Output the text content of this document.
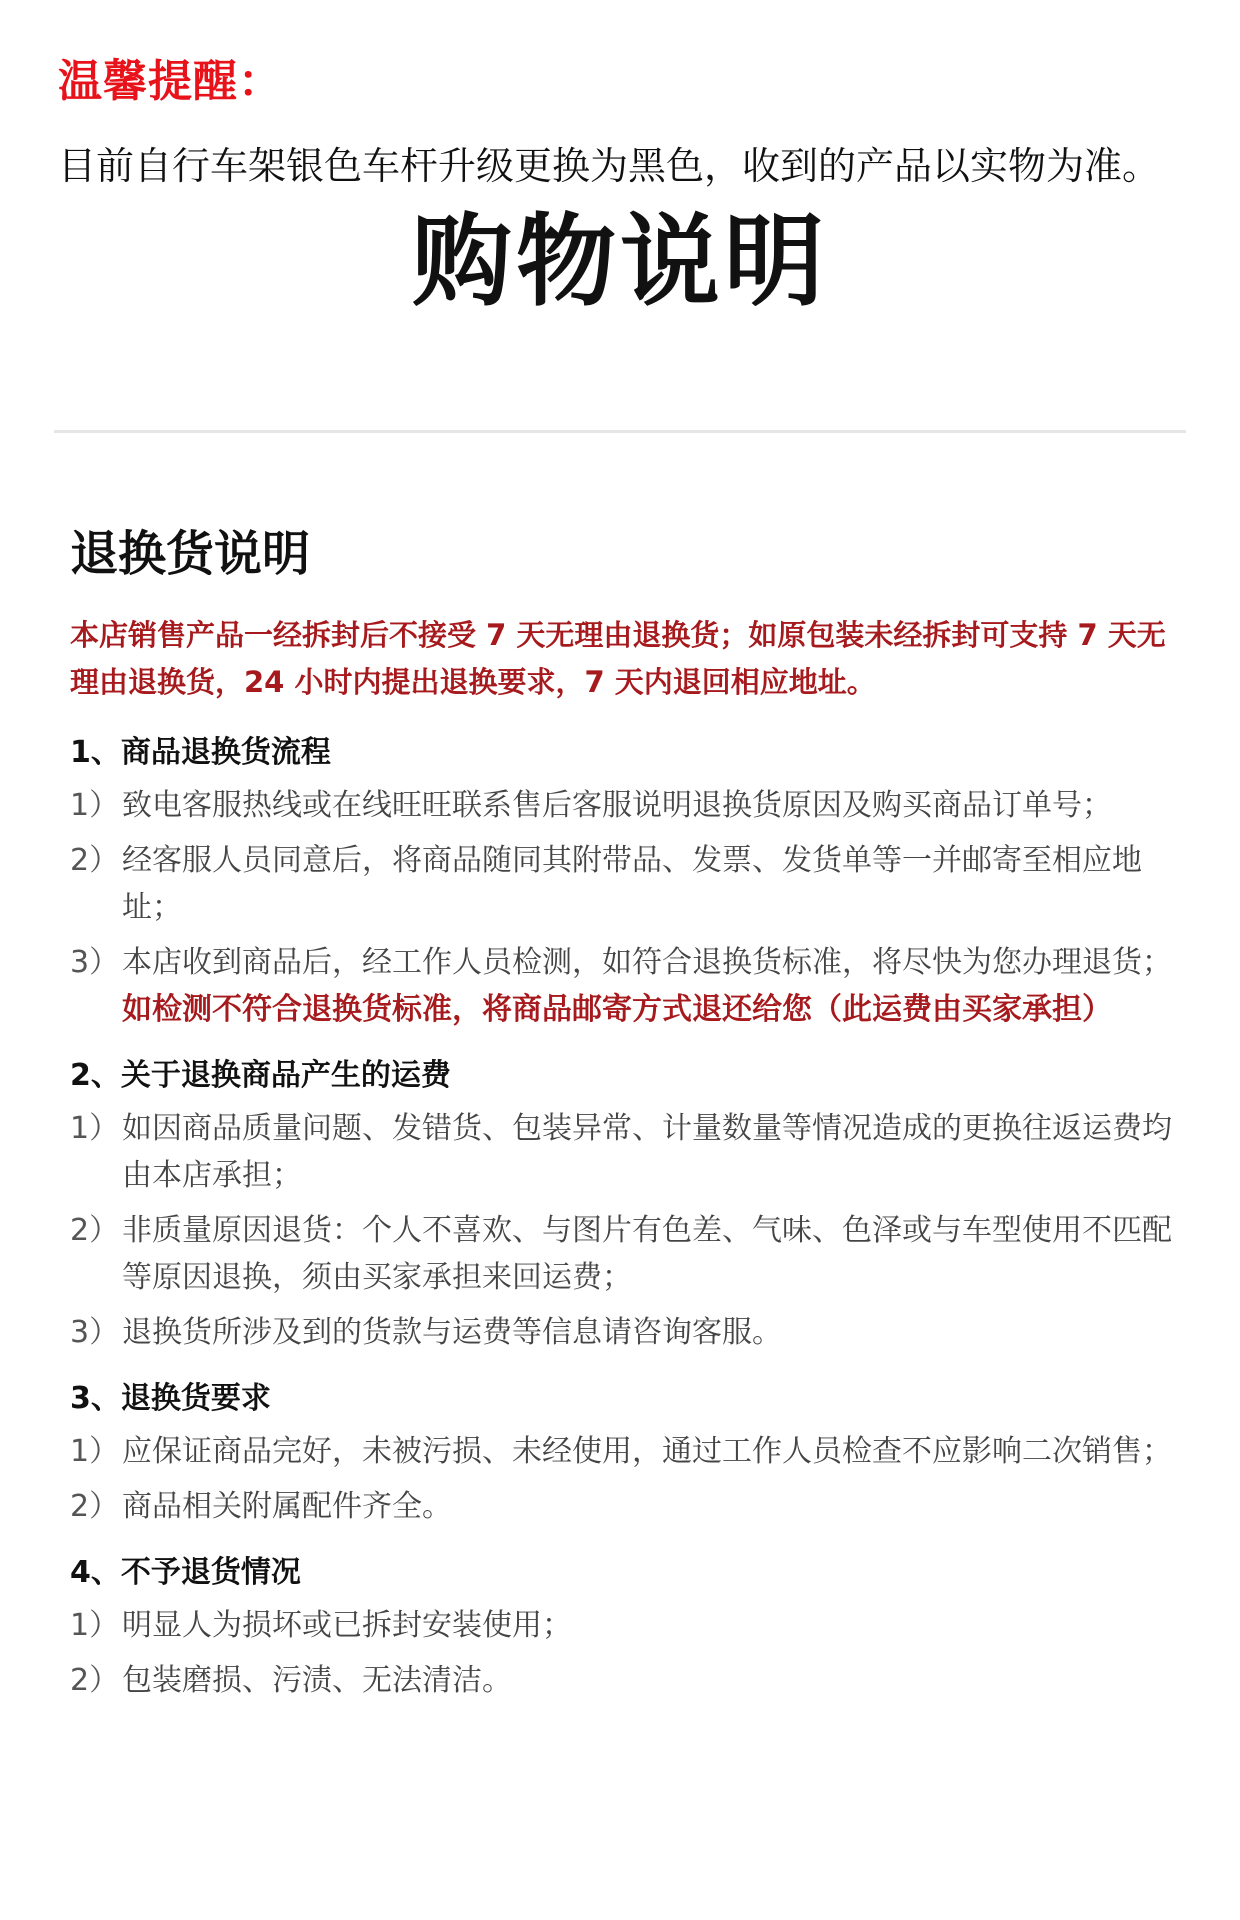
温馨提醒：
目前自行车架银色车杆升级更换为黑色，收到的产品以实物为准。
购物说明
退换货说明

本店销售产品一经拆封后不接受 7 天无理由退换货；如原包装未经拆封可支持 7 天无理由退换货，24 小时内提出退换要求，7 天内退回相应地址。

1、商品退换货流程
1） 致电客服热线或在线旺旺联系售后客服说明退换货原因及购买商品订单号；
2） 经客服人员同意后，将商品随同其附带品、发票、发货单等一并邮寄至相应地址；
3） 本店收到商品后，经工作人员检测，如符合退换货标准，将尽快为您办理退货；如检测不符合退换货标准，将商品邮寄方式退还给您（此运费由买家承担）
2、关于退换商品产生的运费
1） 如因商品质量问题、发错货、包装异常、计量数量等情况造成的更换往返运费均由本店承担；
2） 非质量原因退货：个人不喜欢、与图片有色差、气味、色泽或与车型使用不匹配等原因退换，须由买家承担来回运费；
3） 退换货所涉及到的货款与运费等信息请咨询客服。
3、退换货要求
1） 应保证商品完好，未被污损、未经使用，通过工作人员检查不应影响二次销售；
2） 商品相关附属配件齐全。
4、不予退货情况
1） 明显人为损坏或已拆封安装使用；
2） 包装磨损、污渍、无法清洁。
